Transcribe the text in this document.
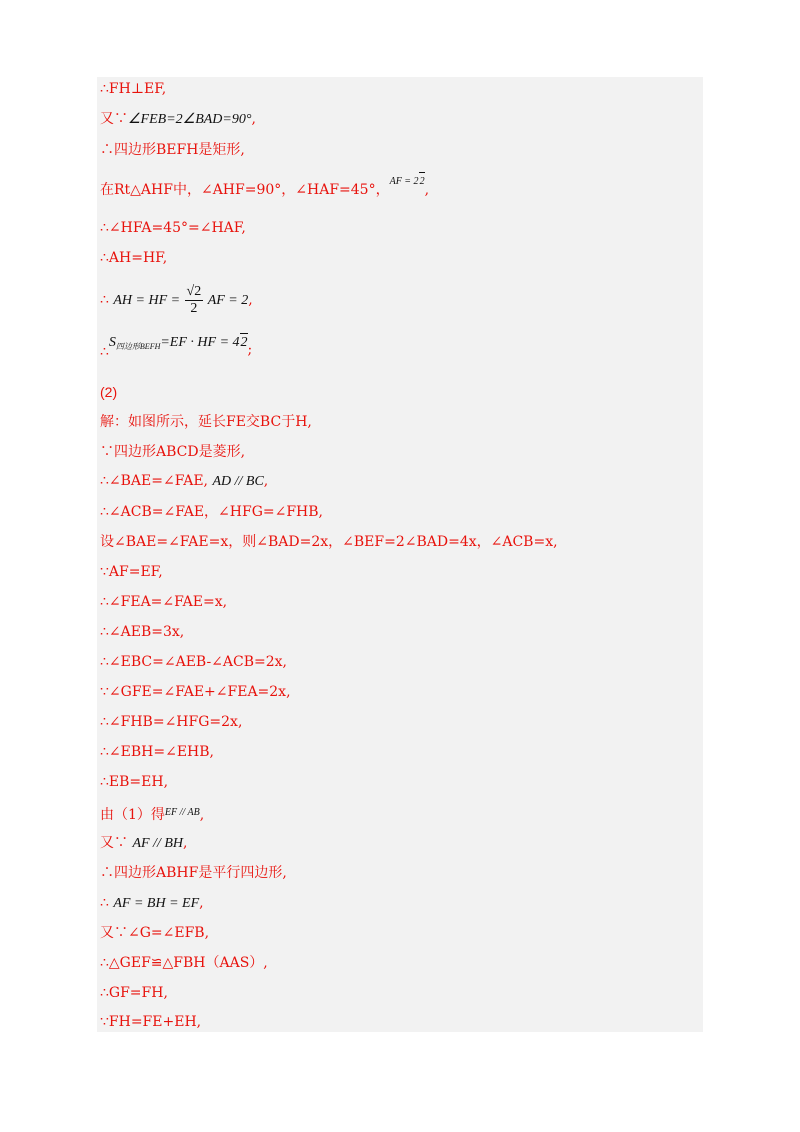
∴FH⊥EF,
又∵∠FEB=2∠BAD=90°,
∴四边形BEFH是矩形,
在Rt△AHF中，∠AHF=90°，∠HAF=45°，$^{AF = 22}$,
∴∠HFA=45°=∠HAF,
∴AH=HF,
∴ AH = HF = $\frac{√2}{2}$ AF = 2,
$\therefore S_{四边形BEFH}=EF$ · HF = 42;
(2)
解：如图所示，延长FE交BC于H,
∵四边形ABCD是菱形,
∴∠BAE=∠FAE, AD // BC,
∴∠ACB=∠FAE，∠HFG=∠FHB,
设∠BAE=∠FAE=x，则∠BAD=2x，∠BEF=2∠BAD=4x，∠ACB=x,
∵AF=EF,
∴∠FEA=∠FAE=x,
∴∠AEB=3x,
∴∠EBC=∠AEB-∠ACB=2x,
∵∠GFE=∠FAE+∠FEA=2x,
∴∠FHB=∠HFG=2x,
∴∠EBH=∠EHB,
∴EB=EH,
由（1）得$^{EF // AB}$,
又∵ AF // BH,
∴四边形ABHF是平行四边形,
∴ AF = BH = EF,
又∵∠G=∠EFB,
∴△GEF≌△FBH（AAS）,
∴GF=FH,
∵FH=FE+EH,
